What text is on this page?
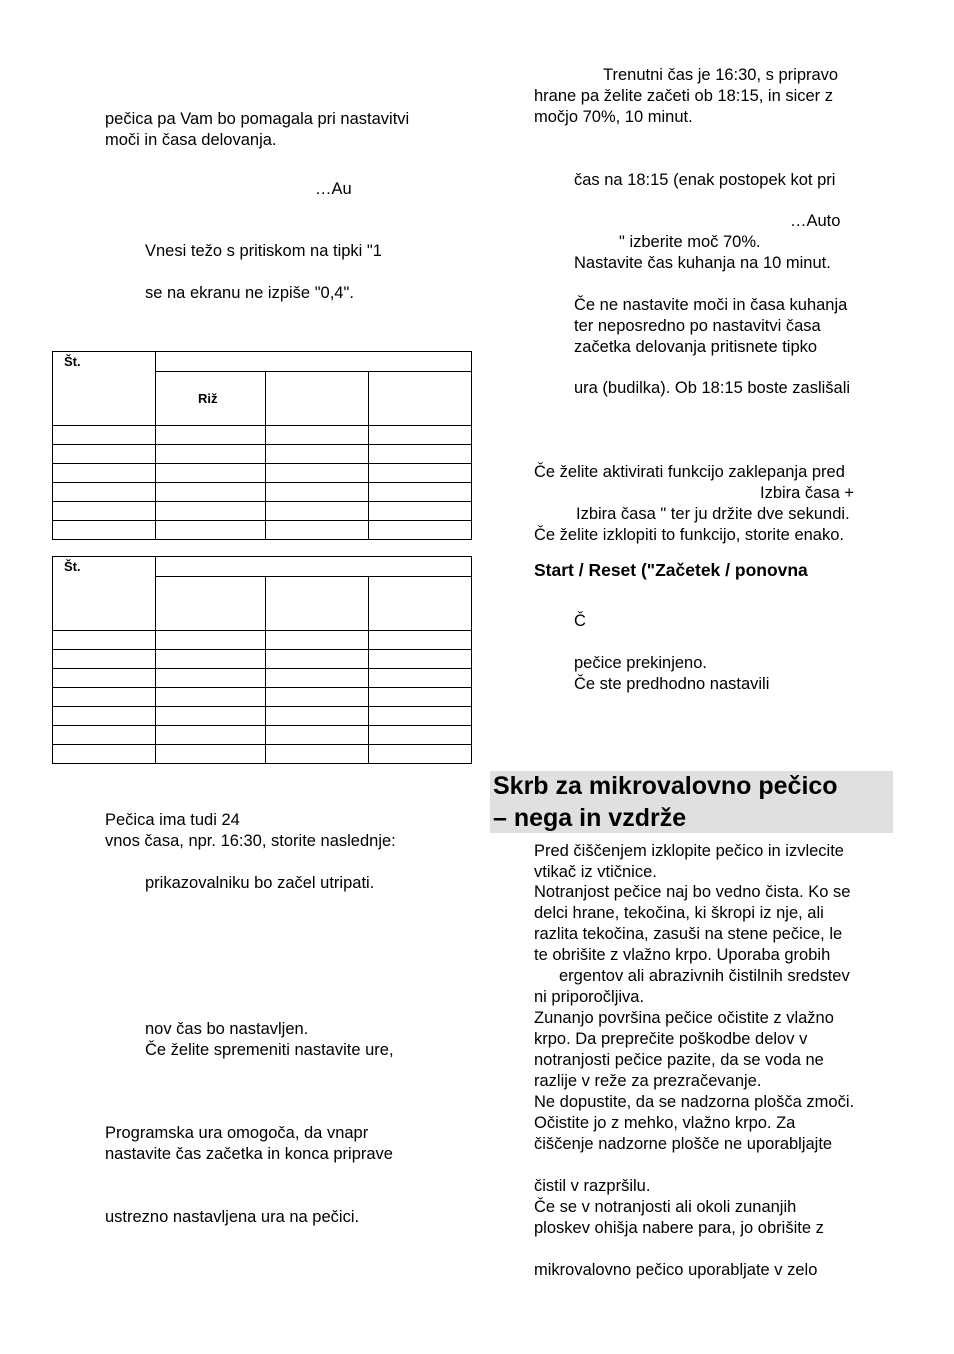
pečica pa Vam bo pomagala pri nastavitvi
moči in časa delovanja.
…Au
Vnesi težo s pritiskom na tipki "1
se na ekranu ne izpiše "0,4".
Št.			
	Riž		

Št.			

Pečica ima tudi 24
vnos časa, npr. 16:30, storite naslednje:
prikazovalniku bo začel utripati.
nov čas bo nastavljen.
Če želite spremeniti nastavite ure,
Programska ura omogoča, da vnapr
nastavite čas začetka in konca priprave
ustrezno nastavljena ura na pečici.
Trenutni čas je 16:30, s pripravo
hrane pa želite začeti ob 18:15, in sicer z
močjo 70%, 10 minut.
čas na 18:15 (enak postopek kot pri
…Auto
" izberite moč 70%.
Nastavite čas kuhanja na 10 minut.
Če ne nastavite moči in časa kuhanja
ter neposredno po nastavitvi časa
začetka delovanja pritisnete tipko
ura (budilka). Ob 18:15 boste zaslišali
Če želite aktivirati funkcijo zaklepanja pred
Izbira časa +
Izbira časa " ter ju držite dve sekundi.
Če želite izklopiti to funkcijo, storite enako.
Start / Reset ("Začetek / ponovna
Č
pečice prekinjeno.
Če ste predhodno nastavili
Skrb za mikrovalovno pečico
– nega in vzdrže
Pred čiščenjem izklopite pečico in izvlecite
vtikač iz vtičnice.
Notranjost pečice naj bo vedno čista. Ko se
delci hrane, tekočina, ki škropi iz nje, ali
razlita tekočina, zasuši na stene pečice, le
te obrišite z vlažno krpo. Uporaba grobih
ergentov ali abrazivnih čistilnih sredstev
ni priporočljiva.
Zunanjo površina pečice očistite z vlažno
krpo. Da preprečite poškodbe delov v
notranjosti pečice pazite, da se voda ne
razlije v reže za prezračevanje.
Ne dopustite, da se nadzorna plošča zmoči.
Očistite jo z mehko, vlažno krpo. Za
čiščenje nadzorne plošče ne uporabljajte
čistil v razpršilu.
Če se v notranjosti ali okoli zunanjih
ploskev ohišja nabere para, jo obrišite z
mikrovalovno pečico uporabljate v zelo
